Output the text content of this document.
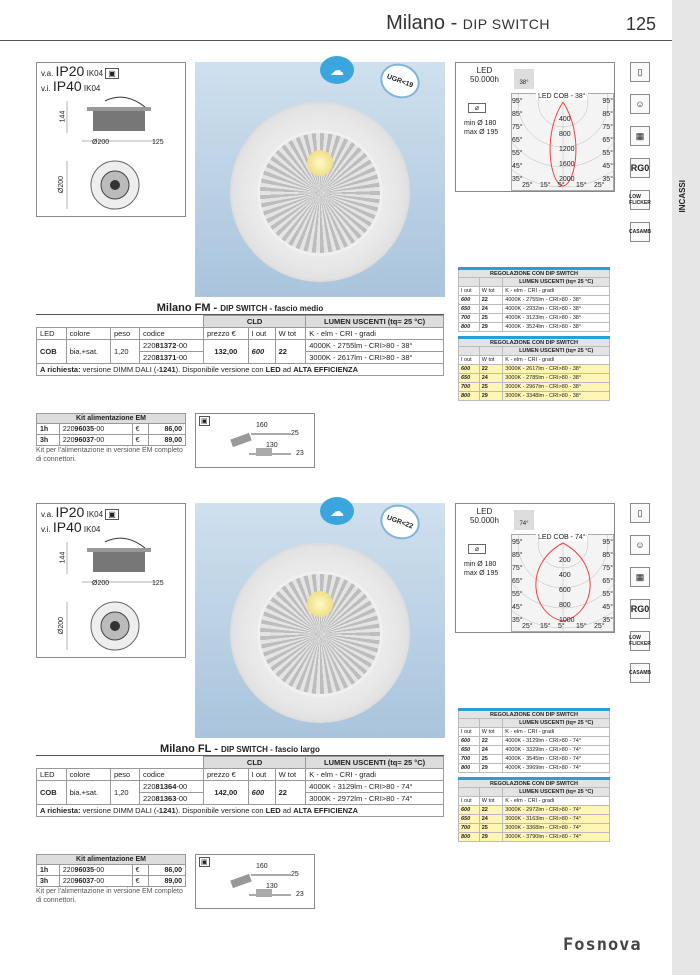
INCASSI
Milano - DIP SWITCH	125
v.a. IP20 IK04 ▣
v.i. IP40 IK04
144
Ø200	125
Ø200
☁
UGR<19
LED
50.000h	38°
⌀
min Ø 180
max Ø 195
LED COB - 38°
400
800
1200
1600
2000
95°	95°
85°	85°
75°	75°
65°	65°
55°	55°
45°	45°
35°	35°
25° 15° 5° 15° 25°
▯
☺
▦
RG0
LOW FLICKER
CASAMB
REGOLAZIONE CON DIP SWITCH		
		LUMEN USCENTI (tq= 25 °C)
I out	W tot	K - elm - CRI - gradi
600	22	4000K - 2755lm - CRI>80 - 38°
650	24	4000K - 2932lm - CRI>80 - 38°
700	25	4000K - 3123lm - CRI>80 - 38°
800	29	4000K - 3524lm - CRI>80 - 38°
REGOLAZIONE CON DIP SWITCH		
		LUMEN USCENTI (tq= 25 °C)
I out	W tot	K - elm - CRI - gradi
600	22	3000K - 2617lm - CRI>80 - 38°
650	24	3000K - 2785lm - CRI>80 - 38°
700	25	3000K - 2967lm - CRI>80 - 38°
800	29	3000K - 3348lm - CRI>80 - 38°
Milano FM - DIP SWITCH - fascio medio
				CLD			LUMEN USCENTI (tq= 25 °C)
LED	colore	peso	codice	prezzo €	I out	W tot	K - elm - CRI - gradi
COB	bia.+sat.	1,20	22081372-00	132,00	600	22	4000K - 2755lm - CRI>80 - 38°
			22081371-00				3000K - 2617lm - CRI>80 - 38°
A richiesta: versione DIMM DALI (-1241). Disponibile versione con LED ad ALTA EFFICIENZA							
Kit alimentazione EM			
1h	22096035-00	€	86,00
3h	22096037-00	€	89,00
Kit per l'alimentazione in versione EM completo di connettori.
▣
160
25
130
23
v.a. IP20 IK04 ▣
v.i. IP40 IK04
144
Ø200	125
Ø200
☁
UGR<22
LED
50.000h	74°
⌀
min Ø 180
max Ø 195
LED COB - 74°
200
400
600
800
1000
95°	95°
85°	85°
75°	75°
65°	65°
55°	55°
45°	45°
35°	35°
25° 15° 5° 15° 25°
▯
☺
▦
RG0
LOW FLICKER
CASAMB
REGOLAZIONE CON DIP SWITCH		
		LUMEN USCENTI (tq= 25 °C)
I out	W tot	K - elm - CRI - gradi
600	22	4000K - 3129lm - CRI>80 - 74°
650	24	4000K - 3329lm - CRI>80 - 74°
700	25	4000K - 3545lm - CRI>80 - 74°
800	29	4000K - 3969lm - CRI>80 - 74°
REGOLAZIONE CON DIP SWITCH		
		LUMEN USCENTI (tq= 25 °C)
I out	W tot	K - elm - CRI - gradi
600	22	3000K - 2972lm - CRI>80 - 74°
650	24	3000K - 3163lm - CRI>80 - 74°
700	25	3000K - 3368lm - CRI>80 - 74°
800	29	3000K - 3790lm - CRI>80 - 74°
Milano FL - DIP SWITCH - fascio largo
				CLD			LUMEN USCENTI (tq= 25 °C)
LED	colore	peso	codice	prezzo €	I out	W tot	K - elm - CRI - gradi
COB	bia.+sat.	1,20	22081364-00	142,00	600	22	4000K - 3129lm - CRI>80 - 74°
			22081363-00				3000K - 2972lm - CRI>80 - 74°
A richiesta: versione DIMM DALI (-1241). Disponibile versione con LED ad ALTA EFFICIENZA							
Kit alimentazione EM			
1h	22096035-00	€	86,00
3h	22096037-00	€	89,00
Kit per l'alimentazione in versione EM completo di connettori.
▣
160
25
130
23
Fosnova
